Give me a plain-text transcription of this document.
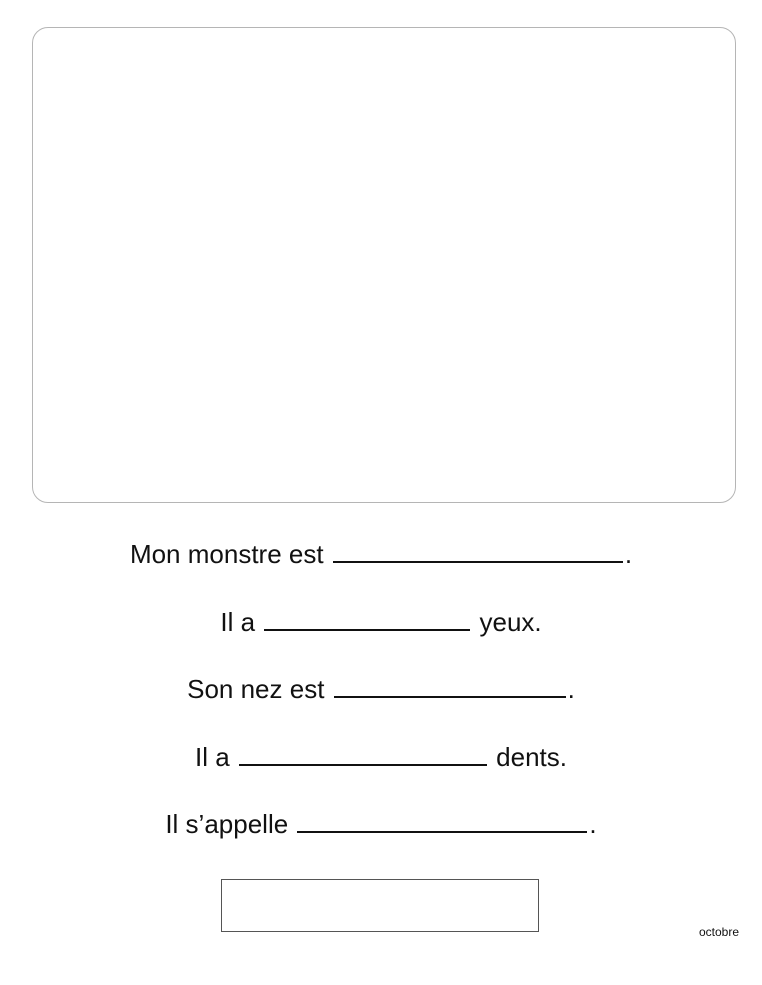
Mon monstre est	.
Il a	yeux.
Son nez est	.
Il a	dents.
Il s’appelle	.
octobre
